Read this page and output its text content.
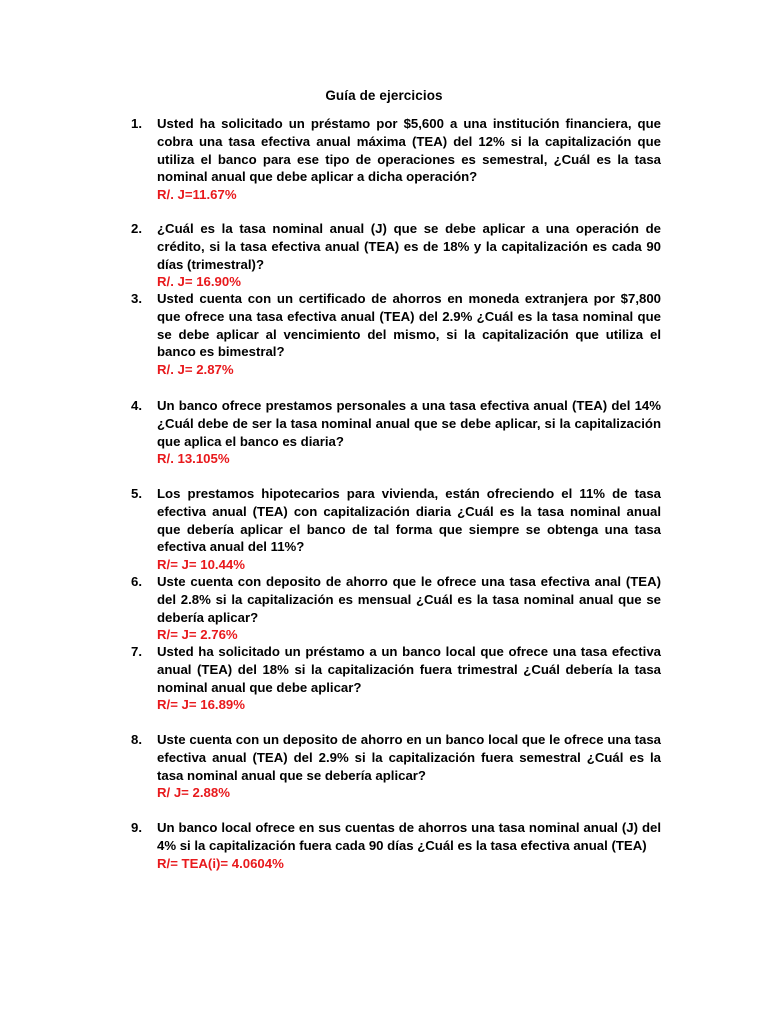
Guía de ejercicios
1. Usted ha solicitado un préstamo por $5,600 a una institución financiera, que cobra una tasa efectiva anual máxima (TEA) del 12% si la capitalización que utiliza el banco para ese tipo de operaciones es semestral, ¿Cuál es la tasa nominal anual que debe aplicar a dicha operación?
R/. J=11.67%
2. ¿Cuál es la tasa nominal anual (J) que se debe aplicar a una operación de crédito, si la tasa efectiva anual (TEA) es de 18% y la capitalización es cada 90 días (trimestral)?
R/. J= 16.90%
3. Usted cuenta con un certificado de ahorros en moneda extranjera por $7,800 que ofrece una tasa efectiva anual (TEA) del 2.9% ¿Cuál es la tasa nominal que se debe aplicar al vencimiento del mismo, si la capitalización que utiliza el banco es bimestral?
R/. J= 2.87%
4. Un banco ofrece prestamos personales a una tasa efectiva anual (TEA) del 14% ¿Cuál debe de ser la tasa nominal anual que se debe aplicar, si la capitalización que aplica el banco es diaria?
R/. 13.105%
5. Los prestamos hipotecarios para vivienda, están ofreciendo el 11% de tasa efectiva anual (TEA) con capitalización diaria ¿Cuál es la tasa nominal anual que debería aplicar el banco de tal forma que siempre se obtenga una tasa efectiva anual del 11%?
R/= J= 10.44%
6. Uste cuenta con deposito de ahorro que le ofrece una tasa efectiva anal (TEA) del 2.8% si la capitalización es mensual ¿Cuál es la tasa nominal anual que se debería aplicar?
R/= J= 2.76%
7. Usted ha solicitado un préstamo a un banco local que ofrece una tasa efectiva anual (TEA) del 18% si la capitalización fuera trimestral ¿Cuál debería la tasa nominal anual que debe aplicar?
R/= J= 16.89%
8. Uste cuenta con un deposito de ahorro en un banco local que le ofrece una tasa efectiva anual (TEA) del 2.9% si la capitalización fuera semestral ¿Cuál es la tasa nominal anual que se debería aplicar?
R/ J= 2.88%
9. Un banco local ofrece en sus cuentas de ahorros una tasa nominal anual (J) del 4% si la capitalización fuera cada 90 días ¿Cuál es la tasa efectiva anual (TEA)
R/= TEA(i)= 4.0604%
